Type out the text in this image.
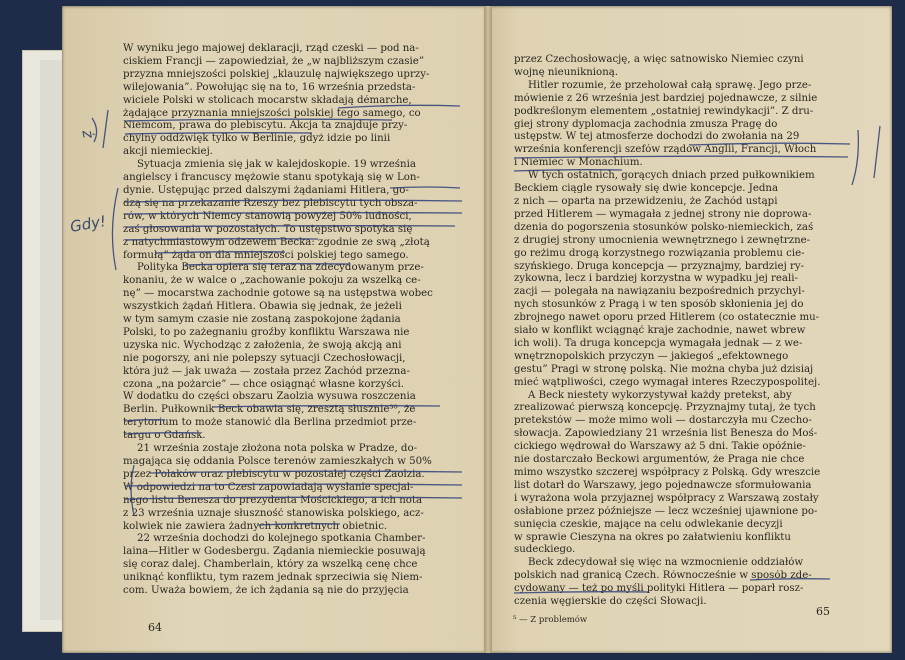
W wyniku jego majowej deklaracji, rząd czeski — pod na-
ciskiem Francji — zapowiedział, że „w najbliższym czasie”
przyzna mniejszości polskiej „klauzulę największego uprzy-
wilejowania”. Powołując się na to, 16 września przedsta-
wiciele Polski w stolicach mocarstw składają démarche,
żądające przyznania mniejszości polskiej tego samego, co
Niemcom, prawa do plebiscytu. Akcja ta znajduje przy-
chylny oddźwięk tylko w Berlinie, gdyż idzie po linii
akcji niemieckiej.
Sytuacja zmienia się jak w kalejdoskopie. 19 września
angielscy i francuscy mężowie stanu spotykają się w Lon-
dynie. Ustępując przed dalszymi żądaniami Hitlera, go-
dzą się na przekazanie Rzeszy bez plebiscytu tych obsza-
rów, w których Niemcy stanowią powyżej 50% ludności,
zaś głosowania w pozostałych. To ustępstwo spotyka się
z natychmiastowym odzewem Becka: zgodnie ze swą „złotą
formułą” żąda on dla mniejszości polskiej tego samego.
Polityka Becka opiera się teraz na zdecydowanym prze-
konaniu, że w walce o „zachowanie pokoju za wszelką ce-
nę” — mocarstwa zachodnie gotowe są na ustępstwa wobec
wszystkich żądań Hitlera. Obawia się jednak, że jeżeli
w tym samym czasie nie zostaną zaspokojone żądania
Polski, to po zażegnaniu groźby konfliktu Warszawa nie
uzyska nic. Wychodząc z założenia, że swoją akcją ani
nie pogorszy, ani nie polepszy sytuacji Czechosłowacji,
która już — jak uważa — została przez Zachód przezna-
czona „na pożarcie” — chce osiągnąć własne korzyści.
W dodatku do części obszaru Zaolzia wysuwa roszczenia
Berlin. Pułkownik Beck obawia się, zresztą słusznie³⁰, że
terytorium to może stanowić dla Berlina przedmiot prze-
targu o Gdańsk.
21 września zostaje złożona nota polska w Pradze, do-
magająca się oddania Polsce terenów zamieszkałych w 50%
przez Polaków oraz plebiscytu w pozostałej części Zaolzia.
W odpowiedzi na to Czesi zapowiadają wysłanie specjal-
nego listu Benesza do prezydenta Mościckiego, a ich nota
z 23 września uznaje słuszność stanowiska polskiego, acz-
kolwiek nie zawiera żadnych konkretnych obietnic.
22 września dochodzi do kolejnego spotkania Chamber-
laina—Hitler w Godesbergu. Żądania niemieckie posuwają
się coraz dalej. Chamberlain, który za wszelką cenę chce
uniknąć konfliktu, tym razem jednak sprzeciwia się Niem-
com. Uważa bowiem, że ich żądania są nie do przyjęcia
przez Czechosłowację, a więc satnowisko Niemiec czyni
wojnę nieuniknioną.
Hitler rozumie, że przeholował całą sprawę. Jego prze-
mówienie z 26 września jest bardziej pojednawcze, z silnie
podkreślonym elementem „ostatniej rewindykacji”. Z dru-
giej strony dyplomacja zachodnia zmusza Pragę do
ustępstw. W tej atmosferze dochodzi do zwołania na 29
września konferencji szefów rządów Anglii, Francji, Włoch
i Niemiec w Monachium.
W tych ostatnich, gorących dniach przed pułkownikiem
Beckiem ciągle rysowały się dwie koncepcje. Jedna
z nich — oparta na przewidzeniu, że Zachód ustąpi
przed Hitlerem — wymagała z jednej strony nie doprowa-
dzenia do pogorszenia stosunków polsko-niemieckich, zaś
z drugiej strony umocnienia wewnętrznego i zewnętrzne-
go reżimu drogą korzystnego rozwiązania problemu cie-
szyńskiego. Druga koncepcja — przyznajmy, bardziej ry-
zykowna, lecz i bardziej korzystna w wypadku jej reali-
zacji — polegała na nawiązaniu bezpośrednich przychyl-
nych stosunków z Pragą i w ten sposób skłonienia jej do
zbrojnego nawet oporu przed Hitlerem (co ostatecznie mu-
siało w konflikt wciągnąć kraje zachodnie, nawet wbrew
ich woli). Ta druga koncepcja wymagała jednak — z we-
wnętrznopolskich przyczyn — jakiegoś „efektownego
gestu” Pragi w stronę polską. Nie można chyba już dzisiaj
mieć wątpliwości, czego wymagał interes Rzeczypospolitej.
A Beck niestety wykorzystywał każdy pretekst, aby
zrealizować pierwszą koncepcję. Przyznajmy tutaj, że tych
pretekstów — może mimo woli — dostarczyła mu Czecho-
słowacja. Zapowiedziany 21 września list Benesza do Moś-
cickiego wędrował do Warszawy aż 5 dni. Takie opóźnie-
nie dostarczało Beckowi argumentów, że Praga nie chce
mimo wszystko szczerej współpracy z Polską. Gdy wreszcie
list dotarł do Warszawy, jego pojednawcze sformułowania
i wyrażona wola przyjaznej współpracy z Warszawą zostały
osłabione przez późniejsze — lecz wcześniej ujawnione po-
sunięcia czeskie, mające na celu odwlekanie decyzji
w sprawie Cieszyna na okres po załatwieniu konfliktu
sudeckiego.
Beck zdecydował się więc na wzmocnienie oddziałów
polskich nad granicą Czech. Równocześnie w sposób zde-
cydowany — też po myśli polityki Hitlera — poparł rosz-
czenia węgierskie do części Słowacji.
64
⁵ — Z problemów
65
Gdy!
ż
